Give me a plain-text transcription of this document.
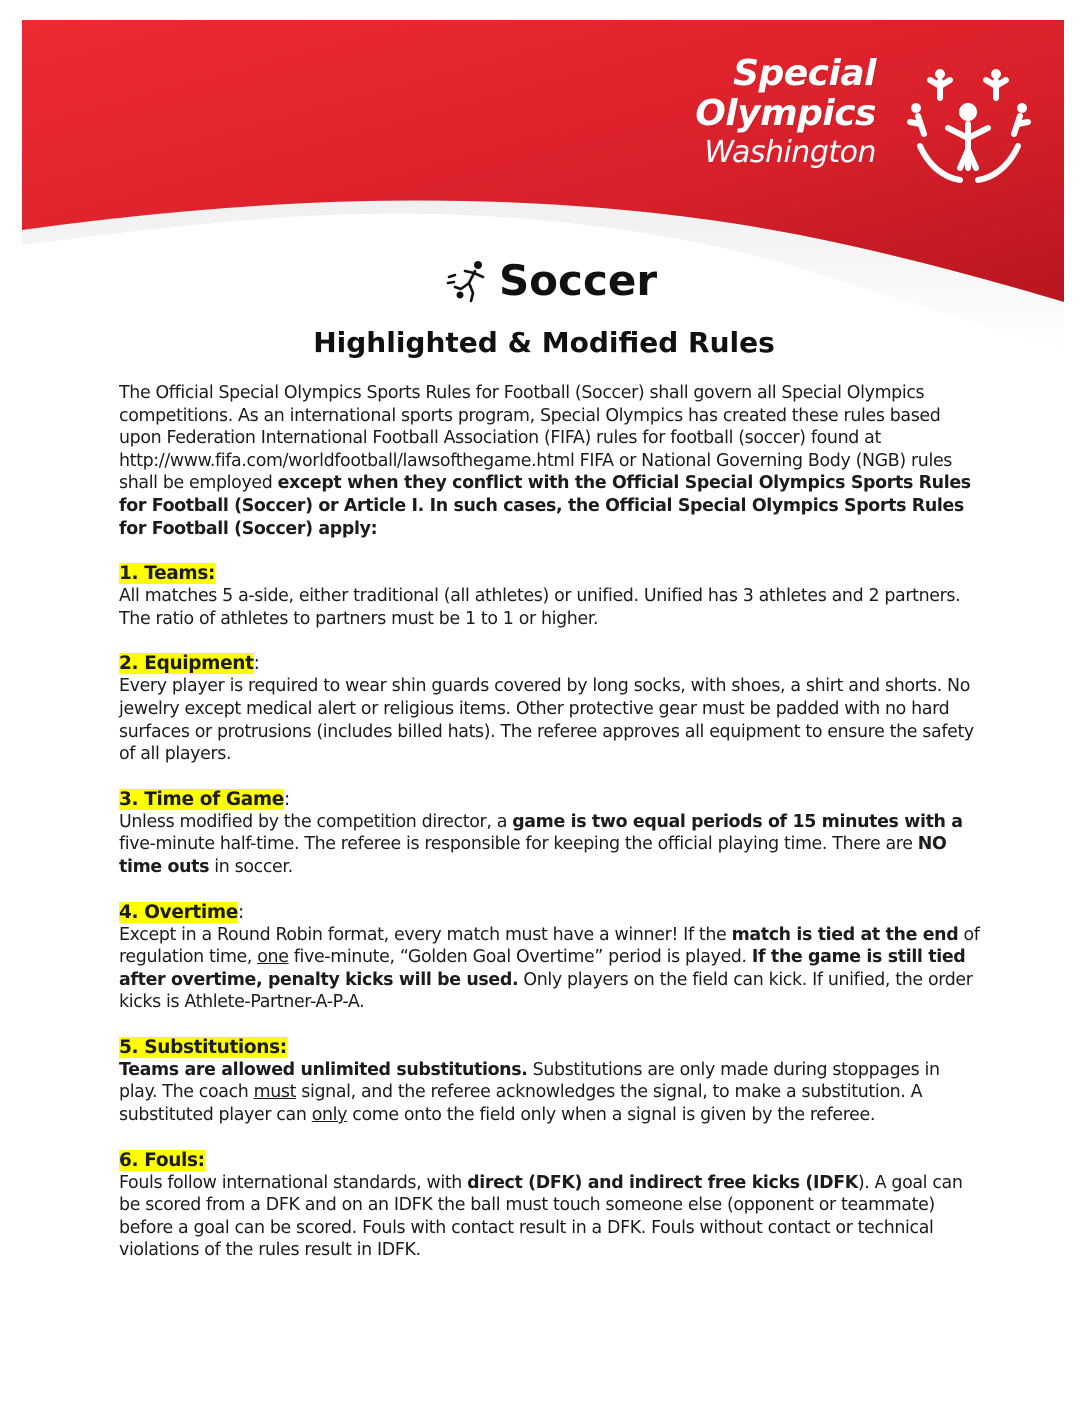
Special
Olympics
Washington
Soccer
Highlighted & Modified Rules

The Official Special Olympics Sports Rules for Football (Soccer) shall govern all Special Olympics competitions. As an international sports program, Special Olympics has created these rules based upon Federation International Football Association (FIFA) rules for football (soccer) found at http://www.fifa.com/worldfootball/lawsofthegame.html FIFA or National Governing Body (NGB) rules shall be employed except when they conflict with the Official Special Olympics Sports Rules for Football (Soccer) or Article I. In such cases, the Official Special Olympics Sports Rules for Football (Soccer) apply:

1. Teams:

All matches 5 a-side, either traditional (all athletes) or unified. Unified has 3 athletes and 2 partners. The ratio of athletes to partners must be 1 to 1 or higher.

2. Equipment:

Every player is required to wear shin guards covered by long socks, with shoes, a shirt and shorts. No jewelry except medical alert or religious items. Other protective gear must be padded with no hard surfaces or protrusions (includes billed hats). The referee approves all equipment to ensure the safety of all players.

3. Time of Game:

Unless modified by the competition director, a game is two equal periods of 15 minutes with a five-minute half-time. The referee is responsible for keeping the official playing time. There are NO time outs in soccer.

4. Overtime:

Except in a Round Robin format, every match must have a winner! If the match is tied at the end of regulation time, one five-minute, “Golden Goal Overtime” period is played. If the game is still tied after overtime, penalty kicks will be used. Only players on the field can kick. If unified, the order kicks is Athlete-Partner-A-P-A.

5. Substitutions:

Teams are allowed unlimited substitutions. Substitutions are only made during stoppages in play. The coach must signal, and the referee acknowledges the signal, to make a substitution. A substituted player can only come onto the field only when a signal is given by the referee.

6. Fouls:

Fouls follow international standards, with direct (DFK) and indirect free kicks (IDFK). A goal can be scored from a DFK and on an IDFK the ball must touch someone else (opponent or teammate) before a goal can be scored. Fouls with contact result in a DFK. Fouls without contact or technical violations of the rules result in IDFK.
